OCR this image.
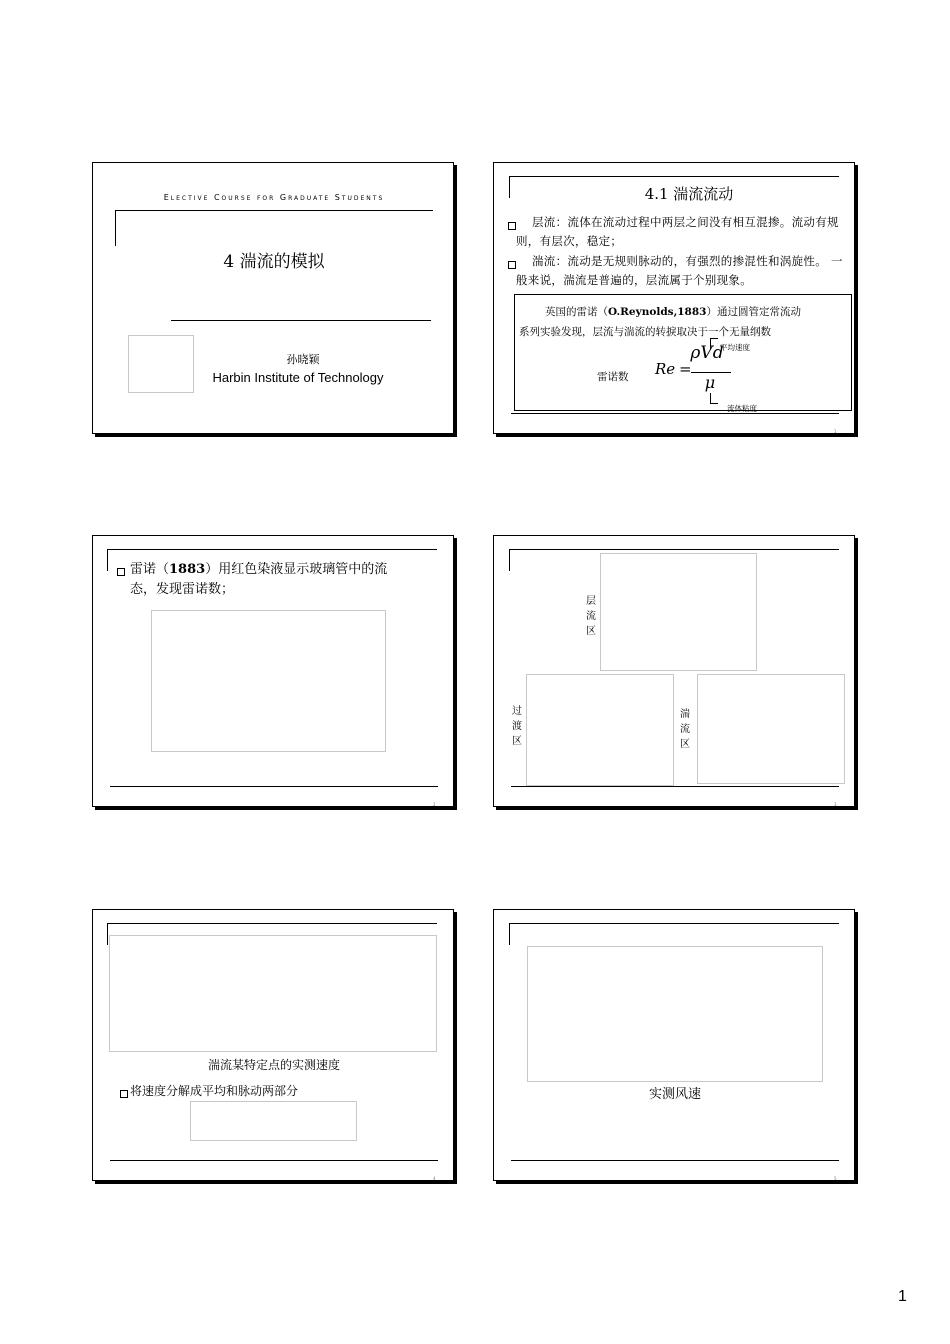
Elective Course for Graduate Students
4 湍流的模拟
孙晓颖
Harbin Institute of Technology
4.1 湍流流动
层流：流体在流动过程中两层之间没有相互混掺。流动有规则，有层次，稳定；
湍流：流动是无规则脉动的，有强烈的掺混性和涡旋性。 一般来说，湍流是普遍的，层流属于个别现象。
英国的雷诺（O.Reynolds,1883）通过圆管定常流动
系列实验发现，层流与湍流的转捩取决于一个无量纲数
雷诺数 Re =
ρVd
μ
平均速度
流体粘度
1
雷诺（1883）用红色染液显示玻璃管中的流
态，发现雷诺数；
2
层流区
过渡区
湍流区
3
湍流某特定点的实测速度
将速度分解成平均和脉动两部分
4
实测风速
5
1
